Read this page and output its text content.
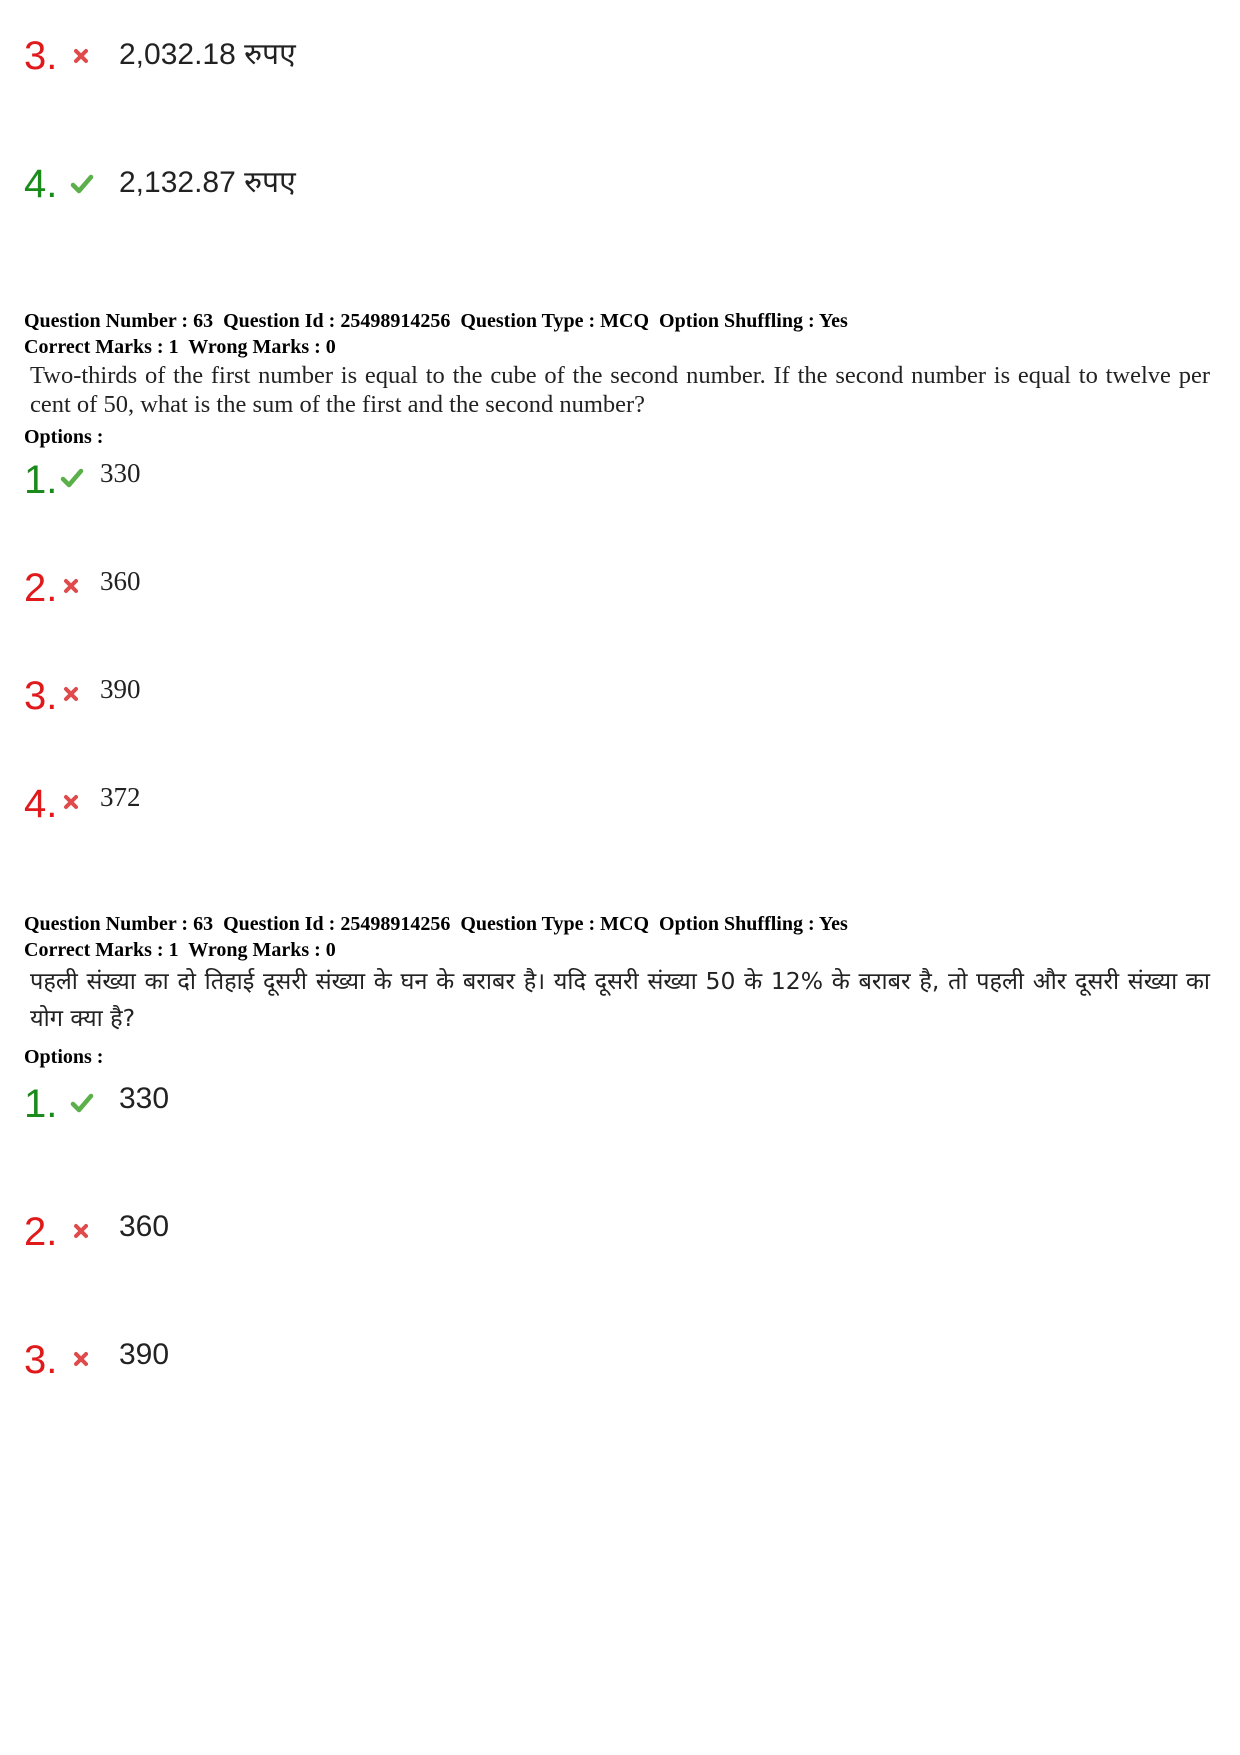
3. 2,032.18 रुपए
4. 2,132.87 रुपए
Question Number : 63  Question Id : 25498914256  Question Type : MCQ  Option Shuffling : Yes
Correct Marks : 1  Wrong Marks : 0
Two-thirds of the first number is equal to the cube of the second number. If the second number is equal to twelve per cent of 50, what is the sum of the first and the second number?
Options :
1. 330
2. 360
3. 390
4. 372
Question Number : 63  Question Id : 25498914256  Question Type : MCQ  Option Shuffling : Yes
Correct Marks : 1  Wrong Marks : 0
पहली संख्या का दो तिहाई दूसरी संख्या के घन के बराबर है। यदि दूसरी संख्या 50 के 12% के बराबर है, तो पहली और दूसरी संख्या का योग क्या है?
Options :
1. 330
2. 360
3. 390
